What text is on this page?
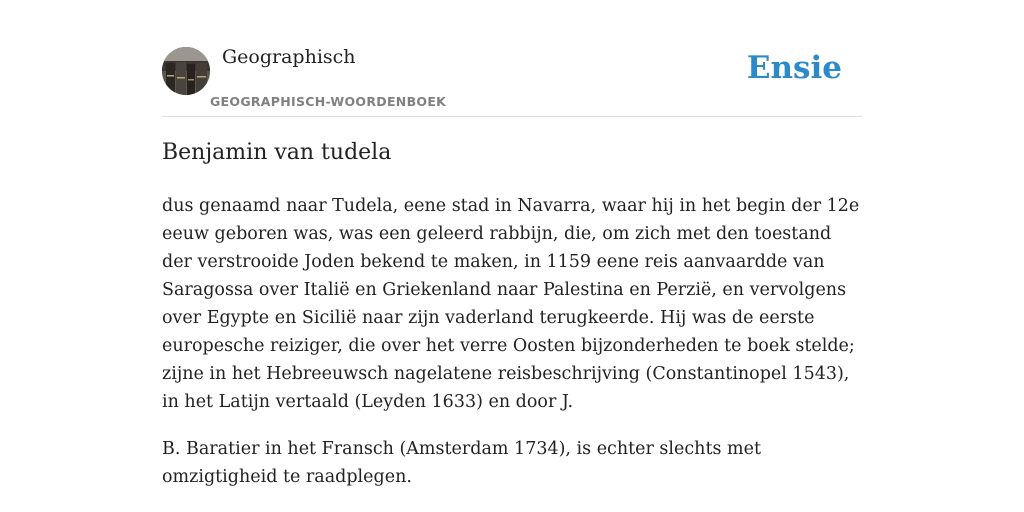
Geographisch
GEOGRAPHISCH-WOORDENBOEK
Ensie
Benjamin van tudela

dus genaamd naar Tudela, eene stad in Navarra, waar hij in het begin der 12e eeuw geboren was, was een geleerd rabbijn, die, om zich met den toestand der verstrooide Joden bekend te maken, in 1159 eene reis aanvaardde van Saragossa over Italië en Griekenland naar Palestina en Perzië, en vervolgens over Egypte en Sicilië naar zijn vaderland terugkeerde. Hij was de eerste europesche reiziger, die over het verre Oosten bijzonderheden te boek stelde; zijne in het Hebreeuwsch nagelatene reisbeschrijving (Constantinopel 1543), in het Latijn vertaald (Leyden 1633) en door J.

B. Baratier in het Fransch (Amsterdam 1734), is echter slechts met omzigtigheid te raadplegen.
